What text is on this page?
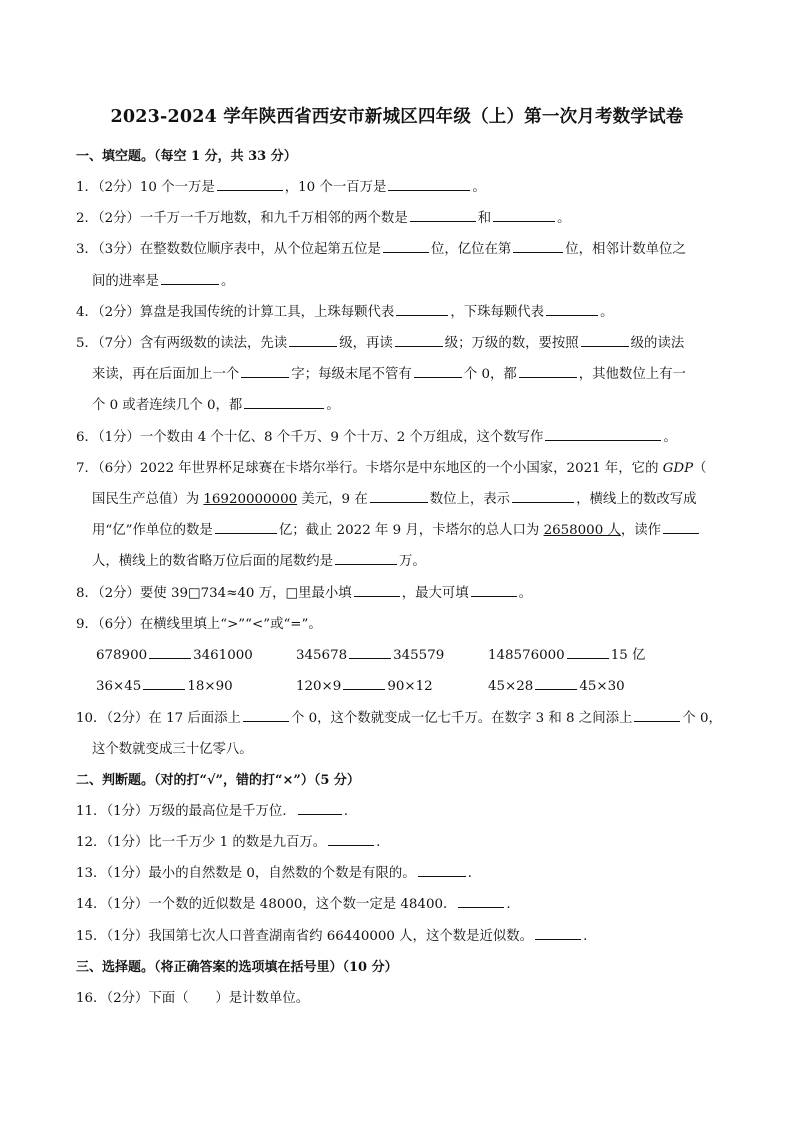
2023-2024 学年陕西省西安市新城区四年级（上）第一次月考数学试卷
一、填空题。（每空 1 分，共 33 分）
1．（2分）10 个一万是	，10 个一百万是	。
2．（2分）一千万一千万地数，和九千万相邻的两个数是	和	。
3．（3分）在整数数位顺序表中，从个位起第五位是	位，亿位在第	位，相邻计数单位之
间的进率是	。
4．（2分）算盘是我国传统的计算工具，上珠每颗代表	，下珠每颗代表	。
5．（7分）含有两级数的读法，先读	级，再读	级；万级的数，要按照	级的读法
来读，再在后面加上一个	字；每级末尾不管有	个 0，都	，其他数位上有一
个 0 或者连续几个 0，都	。
6．（1分）一个数由 4 个十亿、8 个千万、9 个十万、2 个万组成，这个数写作	。
7．（6分）2022 年世界杯足球赛在卡塔尔举行。卡塔尔是中东地区的一个小国家，2021 年，它的 GDP（
国民生产总值）为 16920000000 美元，9 在	数位上，表示	，横线上的数改写成
用“亿”作单位的数是	亿；截止 2022 年 9 月，卡塔尔的总人口为 2658000 人，读作
人，横线上的数省略万位后面的尾数约是	万。
8．（2分）要使 39□734≈40 万，□里最小填	，最大可填	。
9．（6分）在横线里填上“>”“<”或“=”。
678900	3461000	345678	345579	148576000	15 亿
36×45	18×90	120×9	90×12	45×28	45×30
10．（2分）在 17 后面添上	个 0，这个数就变成一亿七千万。在数字 3 和 8 之间添上	个 0，
这个数就变成三十亿零八。
二、判断题。（对的打“√”，错的打“×”）（5 分）
11．（1分）万级的最高位是千万位．	.
12．（1分）比一千万少 1 的数是九百万。	.
13．（1分）最小的自然数是 0，自然数的个数是有限的。	.
14．（1分）一个数的近似数是 48000，这个数一定是 48400．	.
15．（1分）我国第七次人口普查湖南省约 66440000 人，这个数是近似数。	.
三、选择题。（将正确答案的选项填在括号里）（10 分）
16．（2分）下面（　　）是计数单位。
